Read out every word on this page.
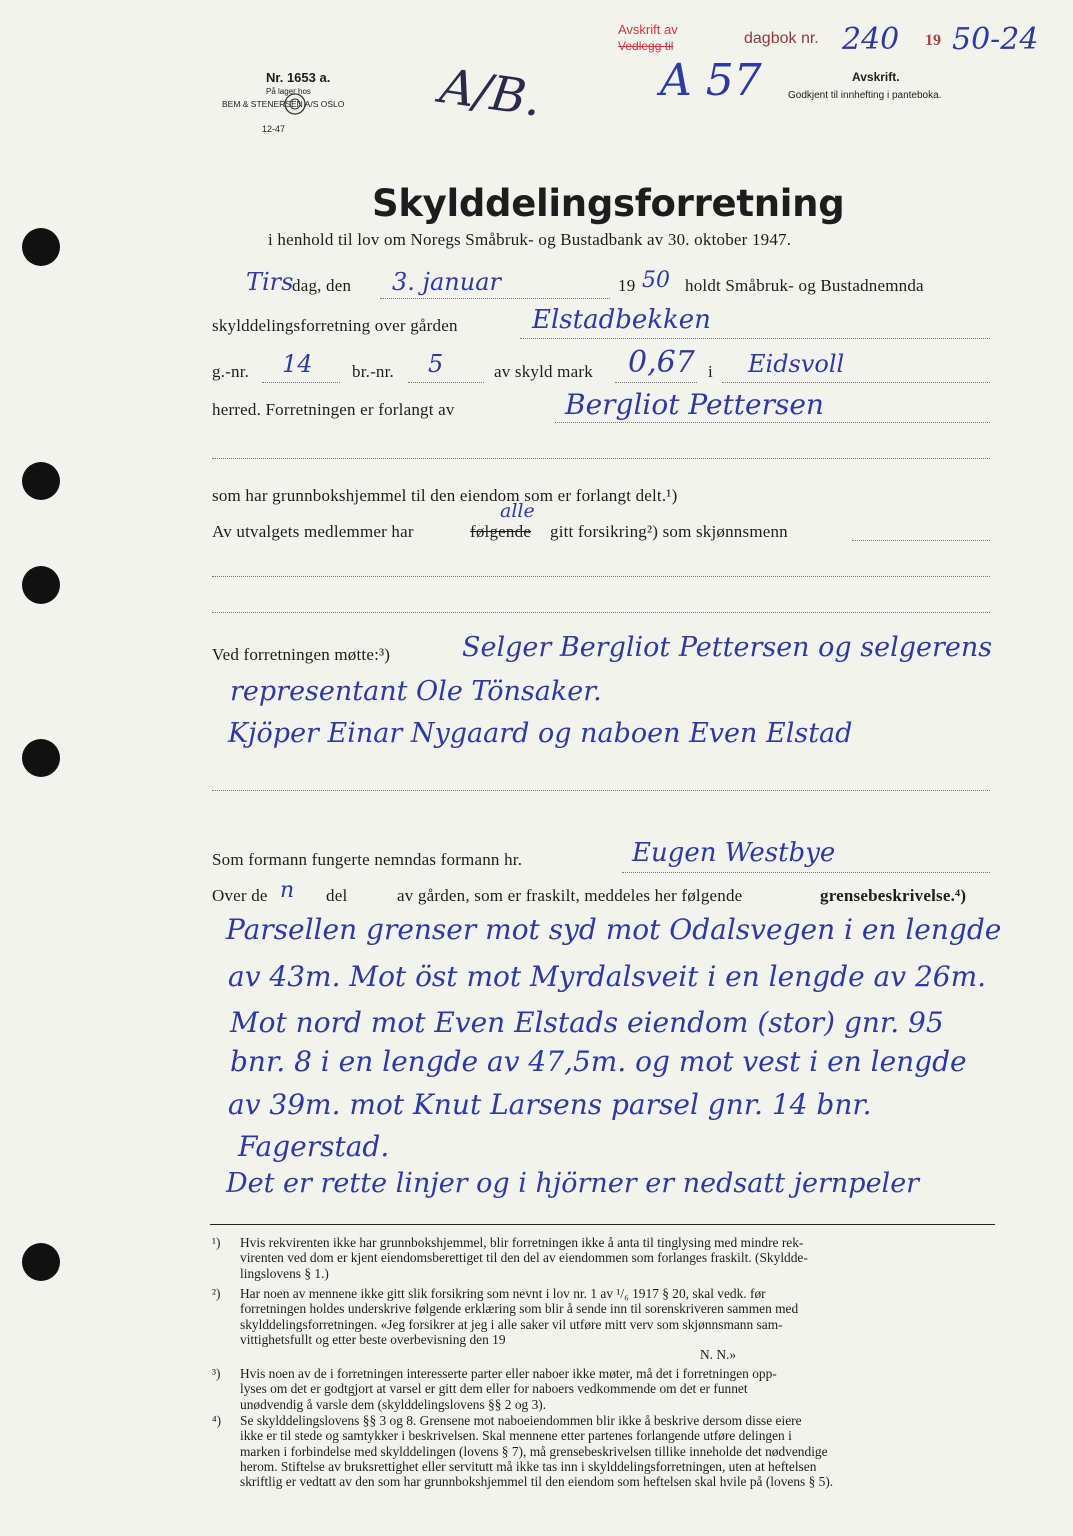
Nr. 1653 a.
På lager hos
BEM & STENERSEN A/S OSLO
12-47
A/B.
Avskrift av
Vedlegg til	dagbok nr. 240 19 50-24
A 57	Avskrift.
Godkjent til innhefting i panteboka.
Skylddelingsforretning
i henhold til lov om Noregs Småbruk- og Bustadbank av 30. oktober 1947.
Tirs
dag, den 3. januar	19 50 holdt Småbruk- og Bustadnemnda
skylddelingsforretning over gården	Elstadbekken
g.-nr. 14 br.-nr. 5	av skyld mark 0,67 i Eidsvoll
herred. Forretningen er forlangt av	Bergliot Pettersen
som har grunnbokshjemmel til den eiendom som er forlangt delt.¹)
Av utvalgets medlemmer har	følgende
alle
gitt forsikring²) som skjønnsmenn
Ved forretningen møtte:³)	Selger Bergliot Pettersen og selgerens
representant Ole Tönsaker.
Kjöper Einar Nygaard og naboen Even Elstad
Som formann fungerte nemndas formann hr.	Eugen Westbye
Over de n del	av gården, som er fraskilt, meddeles her følgende	grensebeskrivelse.⁴)
Parsellen grenser mot syd mot Odalsvegen i en lengde
av 43m. Mot öst mot Myrdalsveit i en lengde av 26m.
Mot nord mot Even Elstads eiendom (stor) gnr. 95
bnr. 8 i en lengde av 47,5m. og mot vest i en lengde
av 39m. mot Knut Larsens parsel gnr. 14 bnr.
Fagerstad.
Det er rette linjer og i hjörner er nedsatt jernpeler
¹) Hvis rekvirenten ikke har grunnbokshjemmel, blir forretningen ikke å anta til tinglysing med mindre rek-
virenten ved dom er kjent eiendomsberettiget til den del av eiendommen som forlanges fraskilt. (Skyldde-
lingslovens § 1.)
²) Har noen av mennene ikke gitt slik forsikring som nevnt i lov nr. 1 av ¹/₆ 1917 § 20, skal vedk. før
forretningen holdes underskrive følgende erklæring som blir å sende inn til sorenskriveren sammen med
skylddelingsforretningen. «Jeg forsikrer at jeg i alle saker vil utføre mitt verv som skjønnsmann sam-
vittighetsfullt og etter beste overbevisning den 19
N. N.»
³) Hvis noen av de i forretningen interesserte parter eller naboer ikke møter, må det i forretningen opp-
lyses om det er godtgjort at varsel er gitt dem eller for naboers vedkommende om det er funnet
unødvendig å varsle dem (skylddelingslovens §§ 2 og 3).
⁴) Se skylddelingslovens §§ 3 og 8. Grensene mot naboeiendommen blir ikke å beskrive dersom disse eiere
ikke er til stede og samtykker i beskrivelsen. Skal mennene etter partenes forlangende utføre delingen i
marken i forbindelse med skylddelingen (lovens § 7), må grensebeskrivelsen tillike inneholde det nødvendige
herom. Stiftelse av bruksrettighet eller servitutt må ikke tas inn i skylddelingsforretningen, uten at heftelsen
skriftlig er vedtatt av den som har grunnbokshjemmel til den eiendom som heftelsen skal hvile på (lovens § 5).
